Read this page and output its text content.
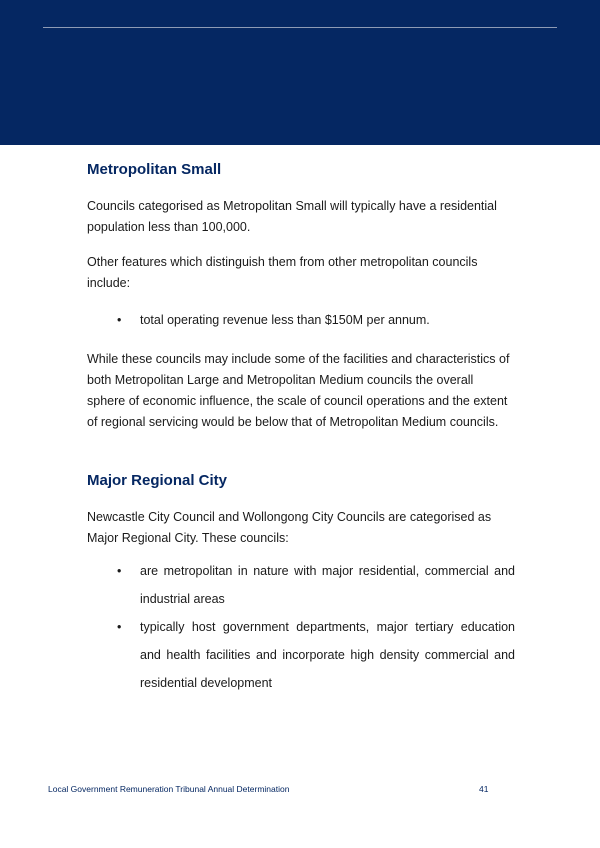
Metropolitan Small

Councils categorised as Metropolitan Small will typically have a residential population less than 100,000.

Other features which distinguish them from other metropolitan councils include:

• total operating revenue less than $150M per annum.

While these councils may include some of the facilities and characteristics of both Metropolitan Large and Metropolitan Medium councils the overall sphere of economic influence, the scale of council operations and the extent of regional servicing would be below that of Metropolitan Medium councils.

Major Regional City

Newcastle City Council and Wollongong City Councils are categorised as Major Regional City. These councils:

• are metropolitan in nature with major residential, commercial and industrial areas
• typically host government departments, major tertiary education and health facilities and incorporate high density commercial and residential development
Local Government Remuneration Tribunal Annual Determination	41
